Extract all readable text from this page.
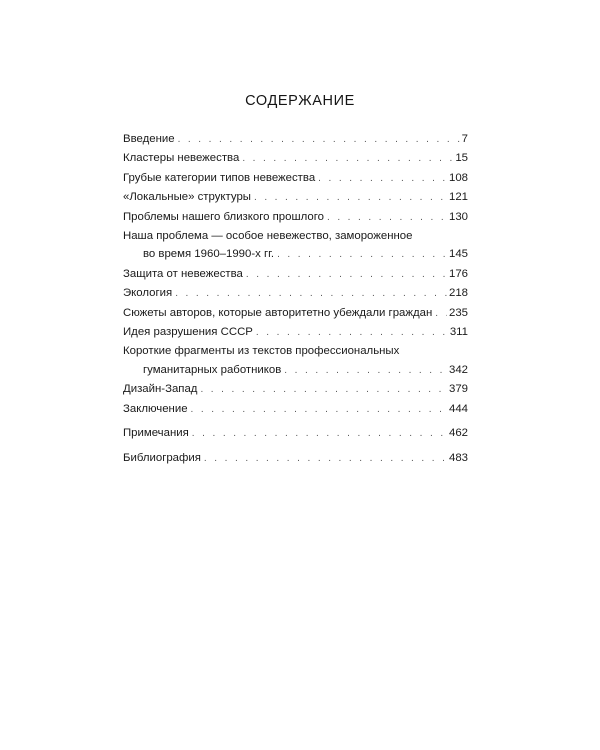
СОДЕРЖАНИЕ
Введение . . .	7
Кластеры невежества . . .	15
Грубые категории типов невежества . . .	108
«Локальные» структуры . . .	121
Проблемы нашего близкого прошлого . . .	130
Наша проблема — особое невежество, замороженное
во время 1960–1990-х гг. . . .	145
Защита от невежества . . .	176
Экология . . .	218
Сюжеты авторов, которые авторитетно убеждали граждан . . . 235
Идея разрушения СССР . . .	311
Короткие фрагменты из текстов профессиональных
гуманитарных работников . . .	342
Дизайн-Запад . . .	379
Заключение . . .	444
Примечания . . .	462
Библиография . . .	483
